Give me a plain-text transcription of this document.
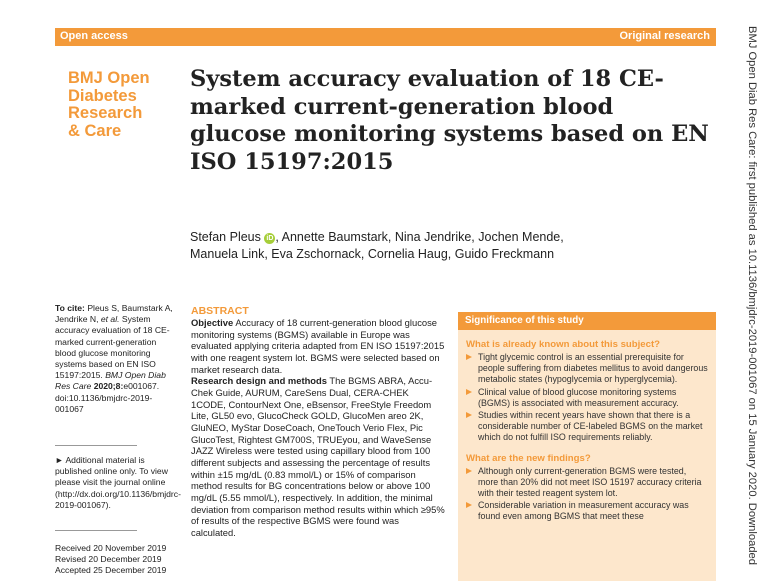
Open access	Original research
BMJ Open
Diabetes
Research
& Care
System accuracy evaluation of 18 CE-marked current-generation blood glucose monitoring systems based on EN ISO 15197:2015
Stefan Pleus iD , Annette Baumstark, Nina Jendrike, Jochen Mende,
Manuela Link, Eva Zschornack, Cornelia Haug, Guido Freckmann
To cite: Pleus S, Baumstark A, Jendrike N, et al. System accuracy evaluation of 18 CE-marked current-generation blood glucose monitoring systems based on EN ISO 15197:2015. BMJ Open Diab Res Care 2020;8:e001067. doi:10.1136/bmjdrc-2019-001067
► Additional material is published online only. To view please visit the journal online (http://dx.doi.org/10.1136/bmjdrc-2019-001067).
Received 20 November 2019
Revised 20 December 2019
Accepted 25 December 2019
ABSTRACT
Objective Accuracy of 18 current-generation blood glucose monitoring systems (BGMS) available in Europe was evaluated applying criteria adapted from EN ISO 15197:2015 with one reagent system lot. BGMS were selected based on market research data.
Research design and methods The BGMS ABRA, Accu-Chek Guide, AURUM, CareSens Dual, CERA-CHEK 1CODE, ContourNext One, eBsensor, FreeStyle Freedom Lite, GL50 evo, GlucoCheck GOLD, GlucoMen areo 2K, GluNEO, MyStar DoseCoach, OneTouch Verio Flex, Pic GlucoTest, Rightest GM700S, TRUEyou, and WaveSense JAZZ Wireless were tested using capillary blood from 100 different subjects and assessing the percentage of results within ±15 mg/dL (0.83 mmol/L) or 15% of comparison method results for BG concentrations below or above 100 mg/dL (5.55 mmol/L), respectively. In addition, the minimal deviation from comparison method results within which ≥95% of results of the respective BGMS were found was calculated.
Significance of this study
What is already known about this subject?
Tight glycemic control is an essential prerequisite for people suffering from diabetes mellitus to avoid dangerous metabolic states (hypoglycemia or hyperglycemia).
Clinical value of blood glucose monitoring systems (BGMS) is associated with measurement accuracy.
Studies within recent years have shown that there is a considerable number of CE-labeled BGMS on the market which do not fulfill ISO requirements reliably.
What are the new findings?
Although only current-generation BGMS were tested, more than 20% did not meet ISO 15197 accuracy criteria with their tested reagent system lot.
Considerable variation in measurement accuracy was found even among BGMS that meet these	BMJ Open Diab Res Care: first published as 10.1136/bmjdrc-2019-001067 on 15 January 2020. Downloaded
